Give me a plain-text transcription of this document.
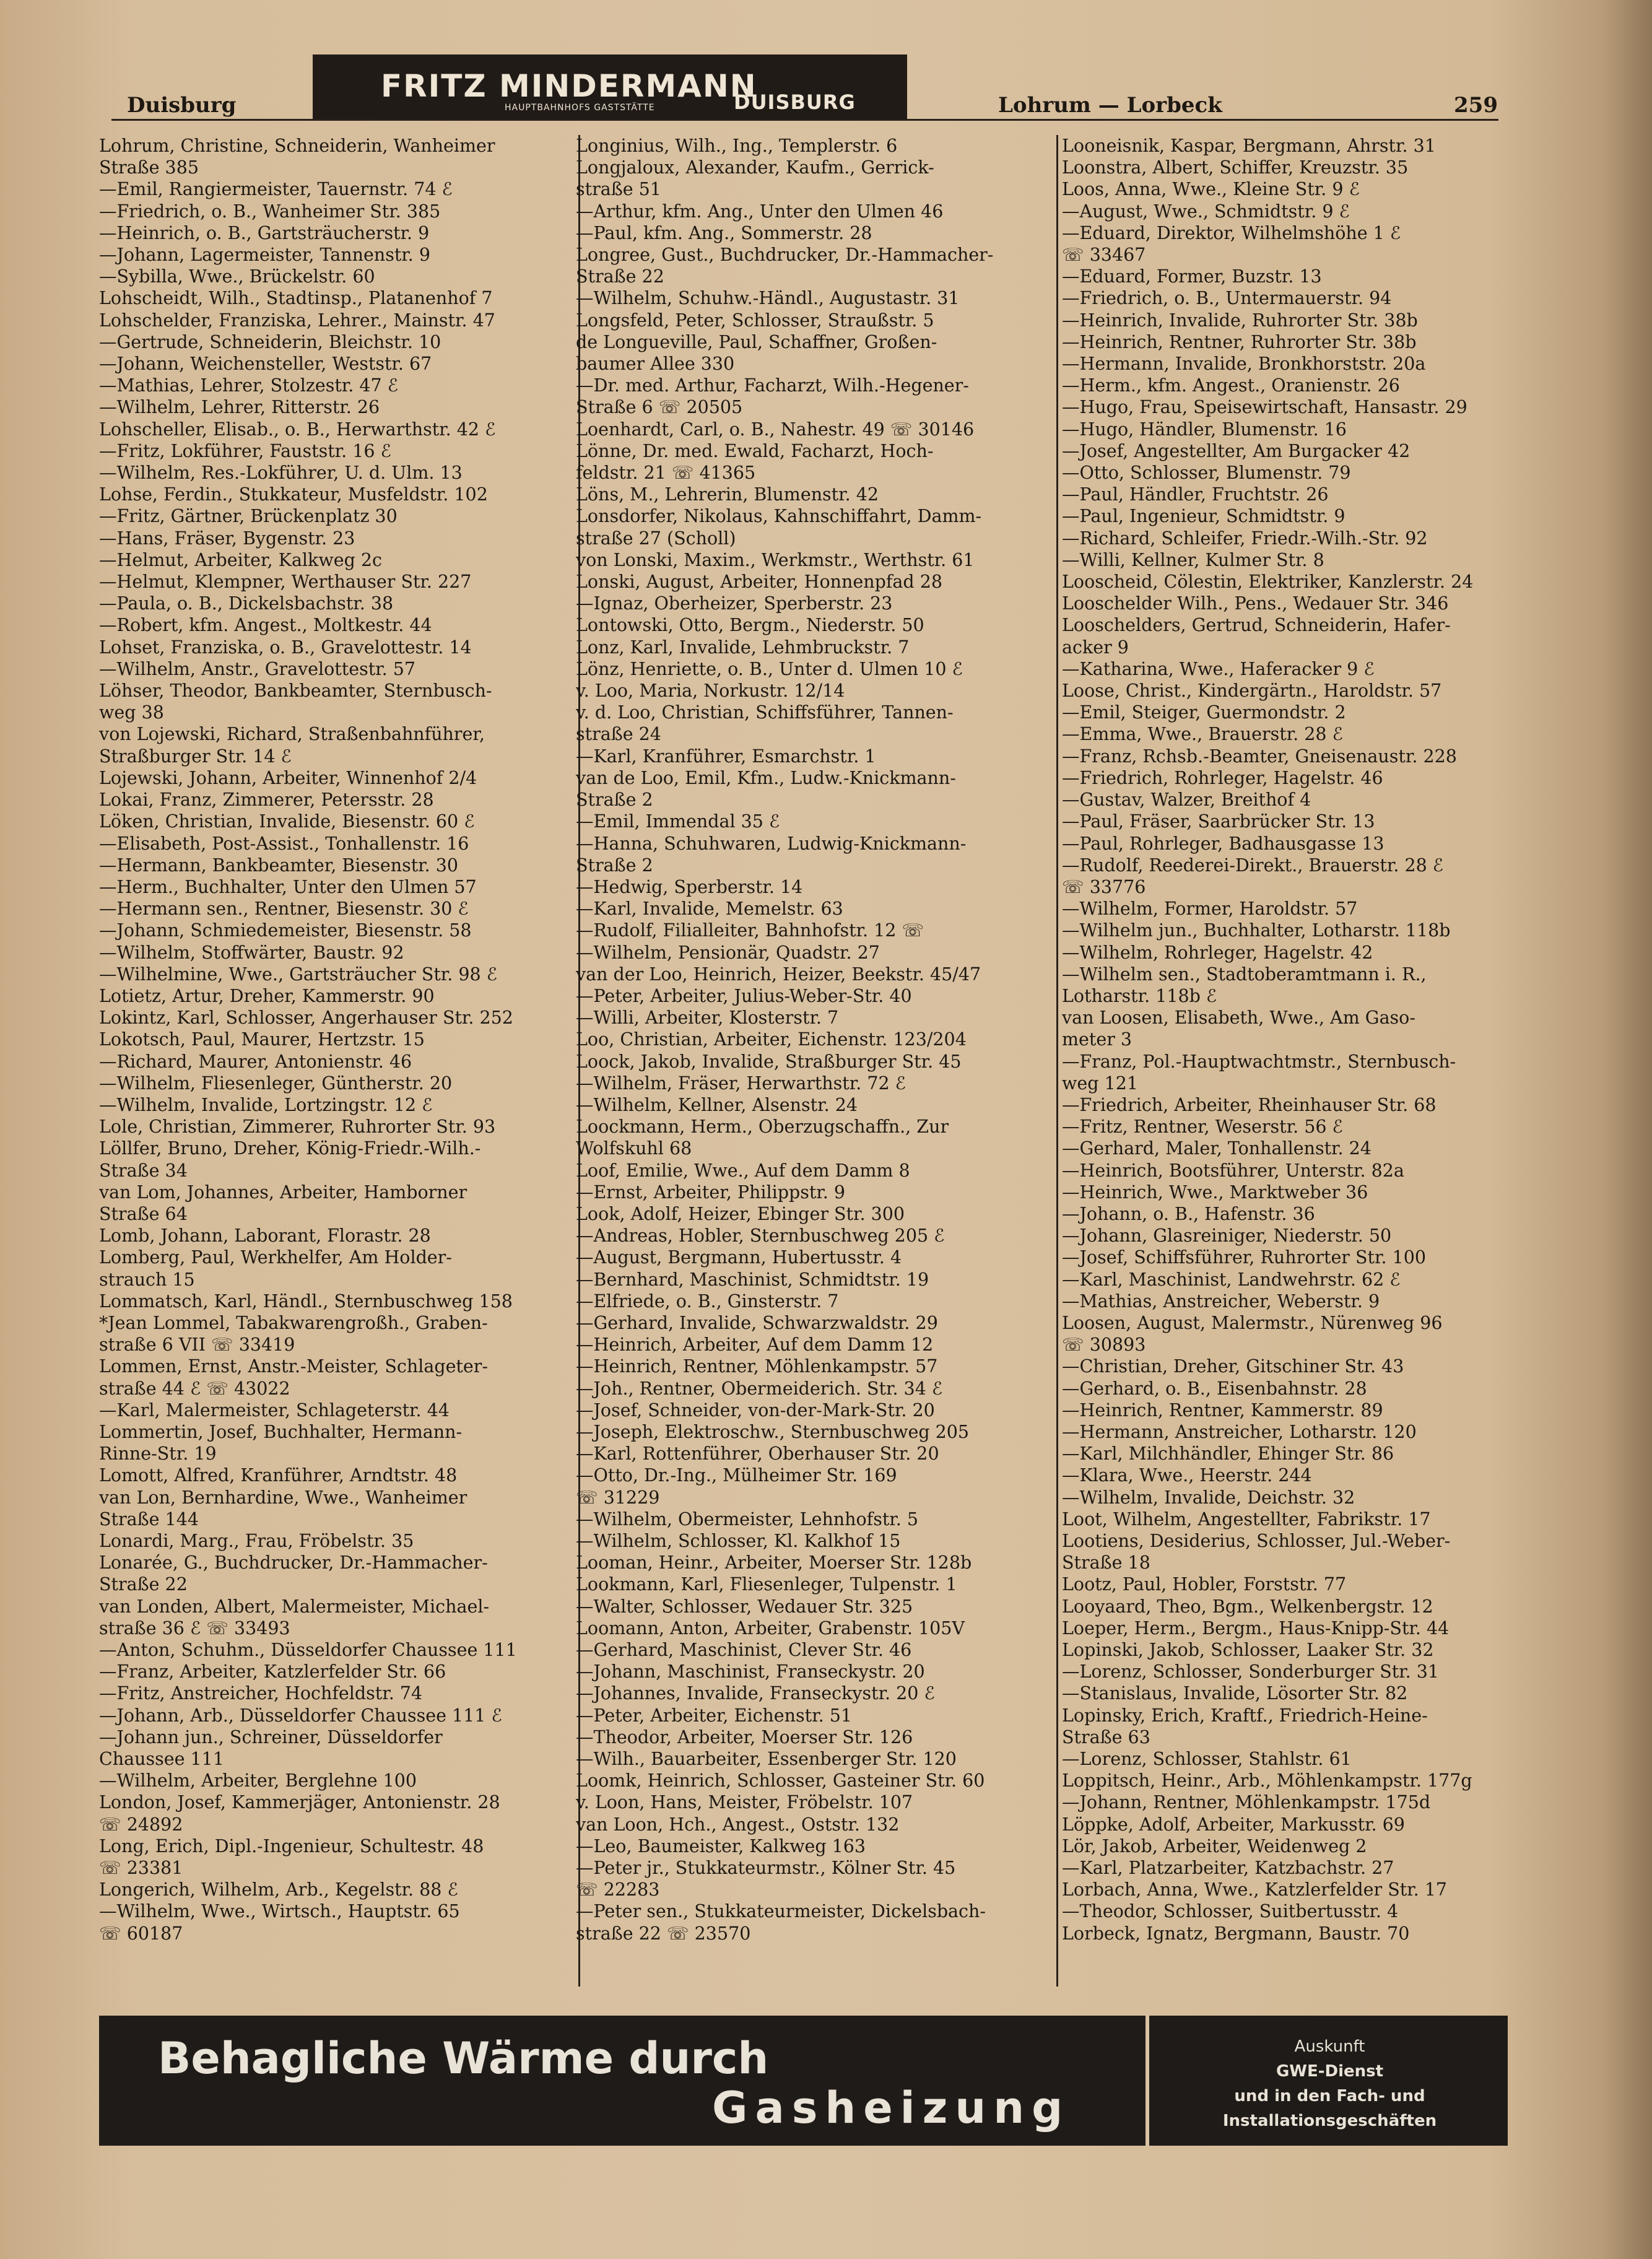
Duisburg
FRITZ MINDERMANN
HAUPTBAHNHOFS GASTSTÄTTE	DUISBURG	Lohrum — Lorbeck	259
Lohrum, Christine, Schneiderin, Wanheimer
Straße 385
—Emil, Rangiermeister, Tauernstr. 74 ℰ
—Friedrich, o. B., Wanheimer Str. 385
—Heinrich, o. B., Gartsträucherstr. 9
—Johann, Lagermeister, Tannenstr. 9
—Sybilla, Wwe., Brückelstr. 60
Lohscheidt, Wilh., Stadtinsp., Platanenhof 7
Lohschelder, Franziska, Lehrer., Mainstr. 47
—Gertrude, Schneiderin, Bleichstr. 10
—Johann, Weichensteller, Weststr. 67
—Mathias, Lehrer, Stolzestr. 47 ℰ
—Wilhelm, Lehrer, Ritterstr. 26
Lohscheller, Elisab., o. B., Herwarthstr. 42 ℰ
—Fritz, Lokführer, Fauststr. 16 ℰ
—Wilhelm, Res.-Lokführer, U. d. Ulm. 13
Lohse, Ferdin., Stukkateur, Musfeldstr. 102
—Fritz, Gärtner, Brückenplatz 30
—Hans, Fräser, Bygenstr. 23
—Helmut, Arbeiter, Kalkweg 2c
—Helmut, Klempner, Werthauser Str. 227
—Paula, o. B., Dickelsbachstr. 38
—Robert, kfm. Angest., Moltkestr. 44
Lohset, Franziska, o. B., Gravelottestr. 14
—Wilhelm, Anstr., Gravelottestr. 57
Löhser, Theodor, Bankbeamter, Sternbusch-
weg 38
von Lojewski, Richard, Straßenbahnführer,
Straßburger Str. 14 ℰ
Lojewski, Johann, Arbeiter, Winnenhof 2/4
Lokai, Franz, Zimmerer, Petersstr. 28
Löken, Christian, Invalide, Biesenstr. 60 ℰ
—Elisabeth, Post-Assist., Tonhallenstr. 16
—Hermann, Bankbeamter, Biesenstr. 30
—Herm., Buchhalter, Unter den Ulmen 57
—Hermann sen., Rentner, Biesenstr. 30 ℰ
—Johann, Schmiedemeister, Biesenstr. 58
—Wilhelm, Stoffwärter, Baustr. 92
—Wilhelmine, Wwe., Gartsträucher Str. 98 ℰ
Lotietz, Artur, Dreher, Kammerstr. 90
Lokintz, Karl, Schlosser, Angerhauser Str. 252
Lokotsch, Paul, Maurer, Hertzstr. 15
—Richard, Maurer, Antonienstr. 46
—Wilhelm, Fliesenleger, Güntherstr. 20
—Wilhelm, Invalide, Lortzingstr. 12 ℰ
Lole, Christian, Zimmerer, Ruhrorter Str. 93
Löllfer, Bruno, Dreher, König-Friedr.-Wilh.-
Straße 34
van Lom, Johannes, Arbeiter, Hamborner
Straße 64
Lomb, Johann, Laborant, Florastr. 28
Lomberg, Paul, Werkhelfer, Am Holder-
strauch 15
Lommatsch, Karl, Händl., Sternbuschweg 158
*Jean Lommel, Tabakwarengroßh., Graben-
straße 6 VII ☏ 33419
Lommen, Ernst, Anstr.-Meister, Schlageter-
straße 44 ℰ ☏ 43022
—Karl, Malermeister, Schlageterstr. 44
Lommertin, Josef, Buchhalter, Hermann-
Rinne-Str. 19
Lomott, Alfred, Kranführer, Arndtstr. 48
van Lon, Bernhardine, Wwe., Wanheimer
Straße 144
Lonardi, Marg., Frau, Fröbelstr. 35
Lonarée, G., Buchdrucker, Dr.-Hammacher-
Straße 22
van Londen, Albert, Malermeister, Michael-
straße 36 ℰ ☏ 33493
—Anton, Schuhm., Düsseldorfer Chaussee 111
—Franz, Arbeiter, Katzlerfelder Str. 66
—Fritz, Anstreicher, Hochfeldstr. 74
—Johann, Arb., Düsseldorfer Chaussee 111 ℰ
—Johann jun., Schreiner, Düsseldorfer
Chaussee 111
—Wilhelm, Arbeiter, Berglehne 100
London, Josef, Kammerjäger, Antonienstr. 28
☏ 24892
Long, Erich, Dipl.-Ingenieur, Schultestr. 48
☏ 23381
Longerich, Wilhelm, Arb., Kegelstr. 88 ℰ
—Wilhelm, Wwe., Wirtsch., Hauptstr. 65
☏ 60187
Longinius, Wilh., Ing., Templerstr. 6
Longjaloux, Alexander, Kaufm., Gerrick-
straße 51
—Arthur, kfm. Ang., Unter den Ulmen 46
—Paul, kfm. Ang., Sommerstr. 28
Longree, Gust., Buchdrucker, Dr.-Hammacher-
Straße 22
—Wilhelm, Schuhw.-Händl., Augustastr. 31
Longsfeld, Peter, Schlosser, Straußstr. 5
de Longueville, Paul, Schaffner, Großen-
baumer Allee 330
—Dr. med. Arthur, Facharzt, Wilh.-Hegener-
Straße 6 ☏ 20505
Loenhardt, Carl, o. B., Nahestr. 49 ☏ 30146
Lönne, Dr. med. Ewald, Facharzt, Hoch-
feldstr. 21 ☏ 41365
Löns, M., Lehrerin, Blumenstr. 42
Lonsdorfer, Nikolaus, Kahnschiffahrt, Damm-
straße 27 (Scholl)
von Lonski, Maxim., Werkmstr., Werthstr. 61
Lonski, August, Arbeiter, Honnenpfad 28
—Ignaz, Oberheizer, Sperberstr. 23
Lontowski, Otto, Bergm., Niederstr. 50
Lonz, Karl, Invalide, Lehmbruckstr. 7
Lönz, Henriette, o. B., Unter d. Ulmen 10 ℰ
v. Loo, Maria, Norkustr. 12/14
v. d. Loo, Christian, Schiffsführer, Tannen-
straße 24
—Karl, Kranführer, Esmarchstr. 1
van de Loo, Emil, Kfm., Ludw.-Knickmann-
Straße 2
—Emil, Immendal 35 ℰ
—Hanna, Schuhwaren, Ludwig-Knickmann-
Straße 2
—Hedwig, Sperberstr. 14
—Karl, Invalide, Memelstr. 63
—Rudolf, Filialleiter, Bahnhofstr. 12 ☏
—Wilhelm, Pensionär, Quadstr. 27
van der Loo, Heinrich, Heizer, Beekstr. 45/47
—Peter, Arbeiter, Julius-Weber-Str. 40
—Willi, Arbeiter, Klosterstr. 7
Loo, Christian, Arbeiter, Eichenstr. 123/204
Loock, Jakob, Invalide, Straßburger Str. 45
—Wilhelm, Fräser, Herwarthstr. 72 ℰ
—Wilhelm, Kellner, Alsenstr. 24
Loockmann, Herm., Oberzugschaffn., Zur
Wolfskuhl 68
Loof, Emilie, Wwe., Auf dem Damm 8
—Ernst, Arbeiter, Philippstr. 9
Look, Adolf, Heizer, Ebinger Str. 300
—Andreas, Hobler, Sternbuschweg 205 ℰ
—August, Bergmann, Hubertusstr. 4
—Bernhard, Maschinist, Schmidtstr. 19
—Elfriede, o. B., Ginsterstr. 7
—Gerhard, Invalide, Schwarzwaldstr. 29
—Heinrich, Arbeiter, Auf dem Damm 12
—Heinrich, Rentner, Möhlenkampstr. 57
—Joh., Rentner, Obermeiderich. Str. 34 ℰ
—Josef, Schneider, von-der-Mark-Str. 20
—Joseph, Elektroschw., Sternbuschweg 205
—Karl, Rottenführer, Oberhauser Str. 20
—Otto, Dr.-Ing., Mülheimer Str. 169
☏ 31229
—Wilhelm, Obermeister, Lehnhofstr. 5
—Wilhelm, Schlosser, Kl. Kalkhof 15
Looman, Heinr., Arbeiter, Moerser Str. 128b
Lookmann, Karl, Fliesenleger, Tulpenstr. 1
—Walter, Schlosser, Wedauer Str. 325
Loomann, Anton, Arbeiter, Grabenstr. 105V
—Gerhard, Maschinist, Clever Str. 46
—Johann, Maschinist, Franseckystr. 20
—Johannes, Invalide, Franseckystr. 20 ℰ
—Peter, Arbeiter, Eichenstr. 51
—Theodor, Arbeiter, Moerser Str. 126
—Wilh., Bauarbeiter, Essenberger Str. 120
Loomk, Heinrich, Schlosser, Gasteiner Str. 60
v. Loon, Hans, Meister, Fröbelstr. 107
van Loon, Hch., Angest., Oststr. 132
—Leo, Baumeister, Kalkweg 163
—Peter jr., Stukkateurmstr., Kölner Str. 45
☏ 22283
—Peter sen., Stukkateurmeister, Dickelsbach-
straße 22 ☏ 23570
Looneisnik, Kaspar, Bergmann, Ahrstr. 31
Loonstra, Albert, Schiffer, Kreuzstr. 35
Loos, Anna, Wwe., Kleine Str. 9 ℰ
—August, Wwe., Schmidtstr. 9 ℰ
—Eduard, Direktor, Wilhelmshöhe 1 ℰ
☏ 33467
—Eduard, Former, Buzstr. 13
—Friedrich, o. B., Untermauerstr. 94
—Heinrich, Invalide, Ruhrorter Str. 38b
—Heinrich, Rentner, Ruhrorter Str. 38b
—Hermann, Invalide, Bronkhorststr. 20a
—Herm., kfm. Angest., Oranienstr. 26
—Hugo, Frau, Speisewirtschaft, Hansastr. 29
—Hugo, Händler, Blumenstr. 16
—Josef, Angestellter, Am Burgacker 42
—Otto, Schlosser, Blumenstr. 79
—Paul, Händler, Fruchtstr. 26
—Paul, Ingenieur, Schmidtstr. 9
—Richard, Schleifer, Friedr.-Wilh.-Str. 92
—Willi, Kellner, Kulmer Str. 8
Looscheid, Cölestin, Elektriker, Kanzlerstr. 24
Looschelder Wilh., Pens., Wedauer Str. 346
Looschelders, Gertrud, Schneiderin, Hafer-
acker 9
—Katharina, Wwe., Haferacker 9 ℰ
Loose, Christ., Kindergärtn., Haroldstr. 57
—Emil, Steiger, Guermondstr. 2
—Emma, Wwe., Brauerstr. 28 ℰ
—Franz, Rchsb.-Beamter, Gneisenaustr. 228
—Friedrich, Rohrleger, Hagelstr. 46
—Gustav, Walzer, Breithof 4
—Paul, Fräser, Saarbrücker Str. 13
—Paul, Rohrleger, Badhausgasse 13
—Rudolf, Reederei-Direkt., Brauerstr. 28 ℰ
☏ 33776
—Wilhelm, Former, Haroldstr. 57
—Wilhelm jun., Buchhalter, Lotharstr. 118b
—Wilhelm, Rohrleger, Hagelstr. 42
—Wilhelm sen., Stadtoberamtmann i. R.,
Lotharstr. 118b ℰ
van Loosen, Elisabeth, Wwe., Am Gaso-
meter 3
—Franz, Pol.-Hauptwachtmstr., Sternbusch-
weg 121
—Friedrich, Arbeiter, Rheinhauser Str. 68
—Fritz, Rentner, Weserstr. 56 ℰ
—Gerhard, Maler, Tonhallenstr. 24
—Heinrich, Bootsführer, Unterstr. 82a
—Heinrich, Wwe., Marktweber 36
—Johann, o. B., Hafenstr. 36
—Johann, Glasreiniger, Niederstr. 50
—Josef, Schiffsführer, Ruhrorter Str. 100
—Karl, Maschinist, Landwehrstr. 62 ℰ
—Mathias, Anstreicher, Weberstr. 9
Loosen, August, Malermstr., Nürenweg 96
☏ 30893
—Christian, Dreher, Gitschiner Str. 43
—Gerhard, o. B., Eisenbahnstr. 28
—Heinrich, Rentner, Kammerstr. 89
—Hermann, Anstreicher, Lotharstr. 120
—Karl, Milchhändler, Ehinger Str. 86
—Klara, Wwe., Heerstr. 244
—Wilhelm, Invalide, Deichstr. 32
Loot, Wilhelm, Angestellter, Fabrikstr. 17
Lootiens, Desiderius, Schlosser, Jul.-Weber-
Straße 18
Lootz, Paul, Hobler, Forststr. 77
Looyaard, Theo, Bgm., Welkenbergstr. 12
Loeper, Herm., Bergm., Haus-Knipp-Str. 44
Lopinski, Jakob, Schlosser, Laaker Str. 32
—Lorenz, Schlosser, Sonderburger Str. 31
—Stanislaus, Invalide, Lösorter Str. 82
Lopinsky, Erich, Kraftf., Friedrich-Heine-
Straße 63
—Lorenz, Schlosser, Stahlstr. 61
Loppitsch, Heinr., Arb., Möhlenkampstr. 177g
—Johann, Rentner, Möhlenkampstr. 175d
Löppke, Adolf, Arbeiter, Markusstr. 69
Lör, Jakob, Arbeiter, Weidenweg 2
—Karl, Platzarbeiter, Katzbachstr. 27
Lorbach, Anna, Wwe., Katzlerfelder Str. 17
—Theodor, Schlosser, Suitbertusstr. 4
Lorbeck, Ignatz, Bergmann, Baustr. 70
Behagliche Wärme durch
Gasheizung
Auskunft
GWE-Dienst
und in den Fach- und
Installationsgeschäften
